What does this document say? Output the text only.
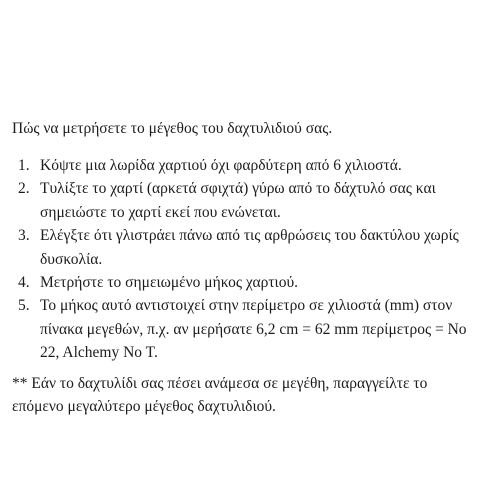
Πώς να μετρήσετε το μέγεθος του δαχτυλιδιού σας.

1. Κόψτε μια λωρίδα χαρτιού όχι φαρδύτερη από 6 χιλιοστά.
2. Τυλίξτε το χαρτί (αρκετά σφιχτά) γύρω από το δάχτυλό σας και σημειώστε το χαρτί εκεί που ενώνεται.
3. Ελέγξτε ότι γλιστράει πάνω από τις αρθρώσεις του δακτύλου χωρίς δυσκολία.
4. Μετρήστε το σημειωμένο μήκος χαρτιού.
5. Το μήκος αυτό αντιστοιχεί στην περίμετρο σε χιλιοστά (mm) στον πίνακα μεγεθών, π.χ. αν μερήσατε 6,2 cm = 62 mm περίμετρος = No 22, Alchemy No T.

** Εάν το δαχτυλίδι σας πέσει ανάμεσα σε μεγέθη, παραγγείλτε το επόμενο μεγαλύτερο μέγεθος δαχτυλιδιού.
